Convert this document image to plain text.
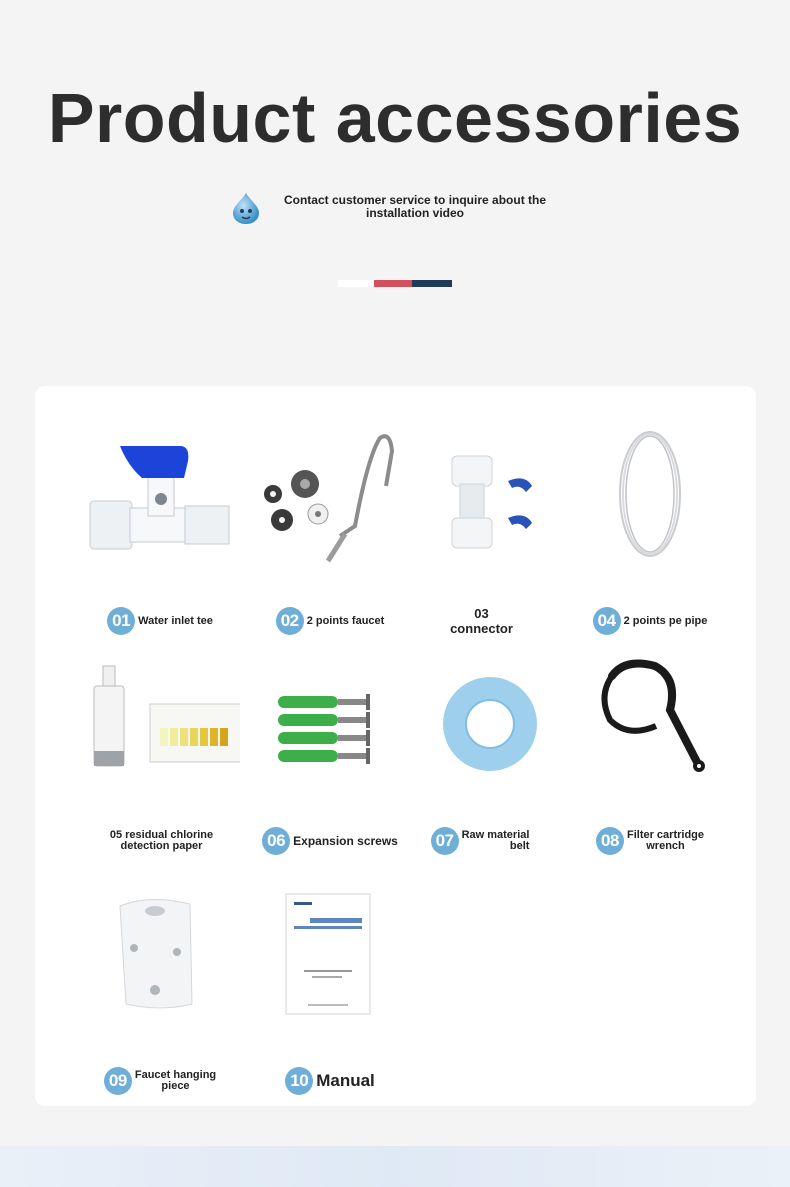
Product accessories
Contact customer service to inquire about the
installation video
01 Water inlet tee	02 2 points faucet	03
connector	04 2 points pe pipe
05 residual chlorine
detection paper	06 Expansion screws 07 Raw material
belt	08 Filter cartridge
wrench
09 Faucet hanging
piece	10 Manual
